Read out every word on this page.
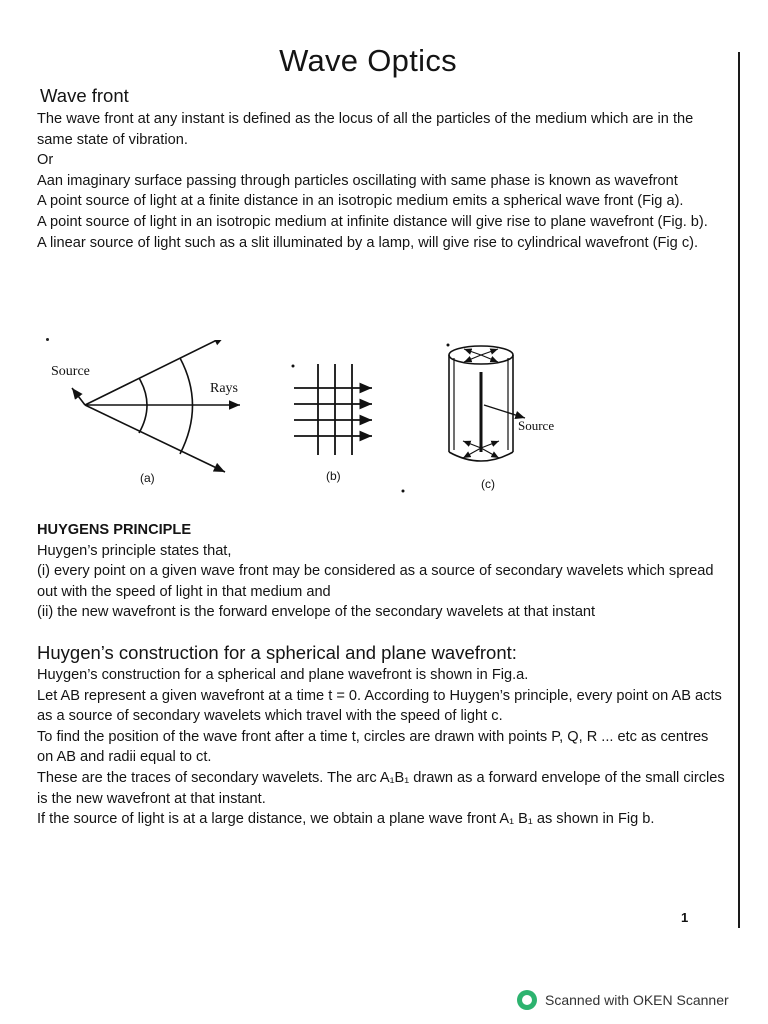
Wave Optics
Wave front

The wave front at any instant is defined as the locus of all the particles of the medium which are in the same state of vibration.

Or

Aan imaginary surface passing through particles oscillating with same phase is known as wavefront

A point source of light at a finite distance in an isotropic medium emits a spherical wave front (Fig a).

A point source of light in an isotropic medium at infinite distance will give rise to plane wavefront (Fig. b).

A linear source of light such as a slit illuminated by a lamp, will give rise to cylindrical wavefront (Fig c).

Source
Rays
(a)	(b)
Source
(c)

HUYGENS PRINCIPLE

Huygen’s principle states that,

(i) every point on a given wave front may be considered as a source of secondary wavelets which spread out with the speed of light in that medium and

(ii) the new wavefront is the forward envelope of the secondary wavelets at that instant

Huygen’s construction for a spherical and plane wavefront:

Huygen’s construction for a spherical and plane wavefront is shown in Fig.a.

Let AB represent a given wavefront at a time t = 0. According to Huygen’s principle, every point on AB acts as a source of secondary wavelets which travel with the speed of light c.

To find the position of the wave front after a time t, circles are drawn with points P, Q, R ... etc as centres on AB and radii equal to ct.

These are the traces of secondary wavelets. The arc A₁B₁ drawn as a forward envelope of the small circles is the new wavefront at that instant.

If the source of light is at a large distance, we obtain a plane wave front A₁ B₁ as shown in Fig b.

1
Scanned with OKEN Scanner
